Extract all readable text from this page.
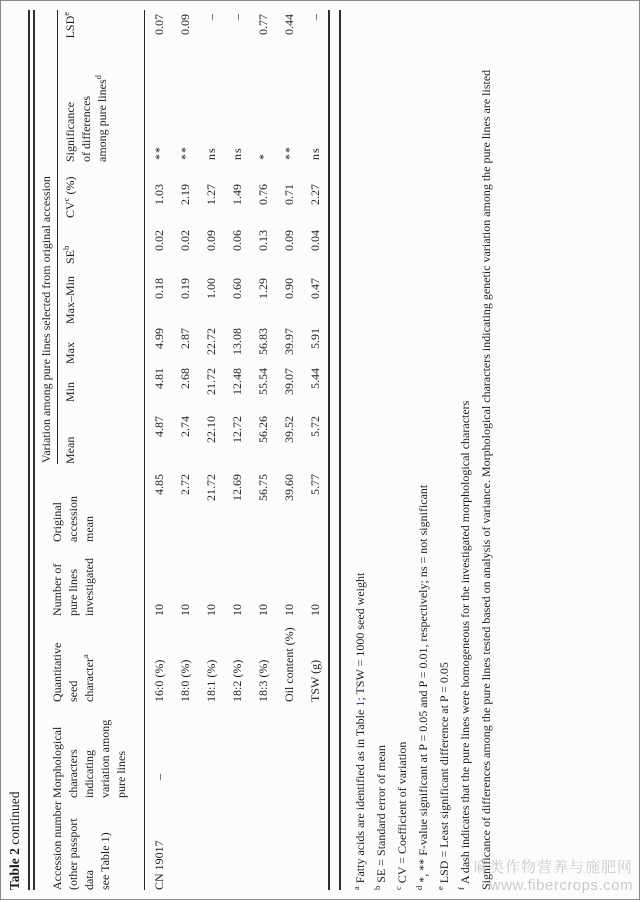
Table 2 continued Accession number (other passport data see Table 1)	Morphological characters indicating variation among pure lines	Quantitative seed character$^a$	Number of pure lines investigated	Original accession mean	Variation among pure lines selected from original accession							
					Mean	Min	Max	Max–Min	$SE^b$	$CV^c$ (%)	Significance of differences among pure lines$^d$	LSD$^e$
CN 19017	–	16:0 (%)	10	4.85	4.87	4.81	4.99	0.18	0.02	1.03	**	0.07
		18:0 (%)	10	2.72	2.74	2.68	2.87	0.19	0.02	2.19	**	0.09
		18:1 (%)	10	21.72	22.10	21.72	22.72	1.00	0.09	1.27	ns	–
		18:2 (%)	10	12.69	12.72	12.48	13.08	0.60	0.06	1.49	ns	–
		18:3 (%)	10	56.75	56.26	55.54	56.83	1.29	0.13	0.76	*	0.77
		Oil content (%)	10	39.60	39.52	39.07	39.97	0.90	0.09	0.71	**	0.44
		TSW (g)	10	5.77	5.72	5.44	5.91	0.47	0.04	2.27	ns	–
$^a$Fatty acids are identified as in Table 1; TSW = 1000 seed weight
$^b$SE = Standard error of mean
$^c$CV = Coefficient of variation
$^d$*, ** F-value significant at P = 0.05 and P = 0.01, respectively; ns = not significant
$^e$LSD = Least significant difference at P = 0.05
$^f$A dash indicates that the pure lines were homogeneous for the investigated morphological characters Significance of differences among the pure lines tested based on analysis of variance. Morphological characters indicating genetic variation among the pure lines are listed
麻类作物营养与施肥网
www.fibercrops.com
